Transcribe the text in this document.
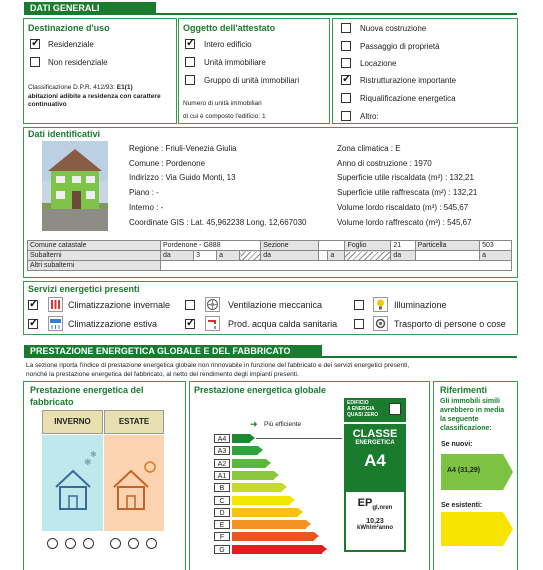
DATI GENERALI
Destinazione d'uso
✓
Residenziale
Non residenziale
Classificazione D.P.R. 412/93: E1(1)
abitazioni adibite a residenza con carattere
continuativo
Oggetto dell'attestato
✓
Intero edificio
Unità immobiliare
Gruppo di unità immobiliari
Numero di unità immobiliari
di cui è composto l'edificio: 1
Nuova costruzione
Passaggio di proprietà
Locazione
✓
Ristrutturazione importante
Riqualificazione energetica
Altro:
Dati identificativi
Regione : Friuli-Venezia Giulia
Comune : Pordenone
Indirizzo : Via Guido Monti, 13
Piano : -
Interno : -
Coordinate GIS : Lat. 45,962238 Long. 12,667030
Zona climatica : E
Anno di costruzione : 1970
Superficie utile riscaldata (m²) : 132,21
Superficie utile raffrescata (m²) : 132,21
Volume lordo riscaldato (m³) : 545,67
Volume lordo raffrescato (m³) : 545,67
Comune catastale	Pordenone - G888				Sezione			Foglio	21	Particella	503
Subalterni	da	3	a		da		a		da		a
Altri subalterni											
Servizi energetici presenti
✓
Climatizzazione invernale
✓
Climatizzazione estiva
Ventilazione meccanica
✓
Prod. acqua calda sanitaria
Illuminazione
Trasporto di persone o cose
PRESTAZIONE ENERGETICA GLOBALE E DEL FABBRICATO
La sezione riporta l'indice di prestazione energetica globale non rinnovabile in funzione del fabbricato e dei servizi energetici presenti,
nonché la prestazione energetica del fabbricato, al netto del rendimento degli impianti presenti.
Prestazione energetica del
fabbricato
INVERNO	ESTATE
✱
✱
Prestazione energetica globale
➜ Più efficiente
A4
A3
A2
A1
B
C
D
E
F
G
EDIFICIO
A ENERGIA
QUASI ZERO
CLASSE
ENERGETICA
A4
$EP_{gl,nren}$
10,23
kWh/m²anno
Riferimenti
Gli immobili simili
avrebbero in media
la seguente
classificazione:
Se nuovi:
A4 (31,29)
Se esistenti:
